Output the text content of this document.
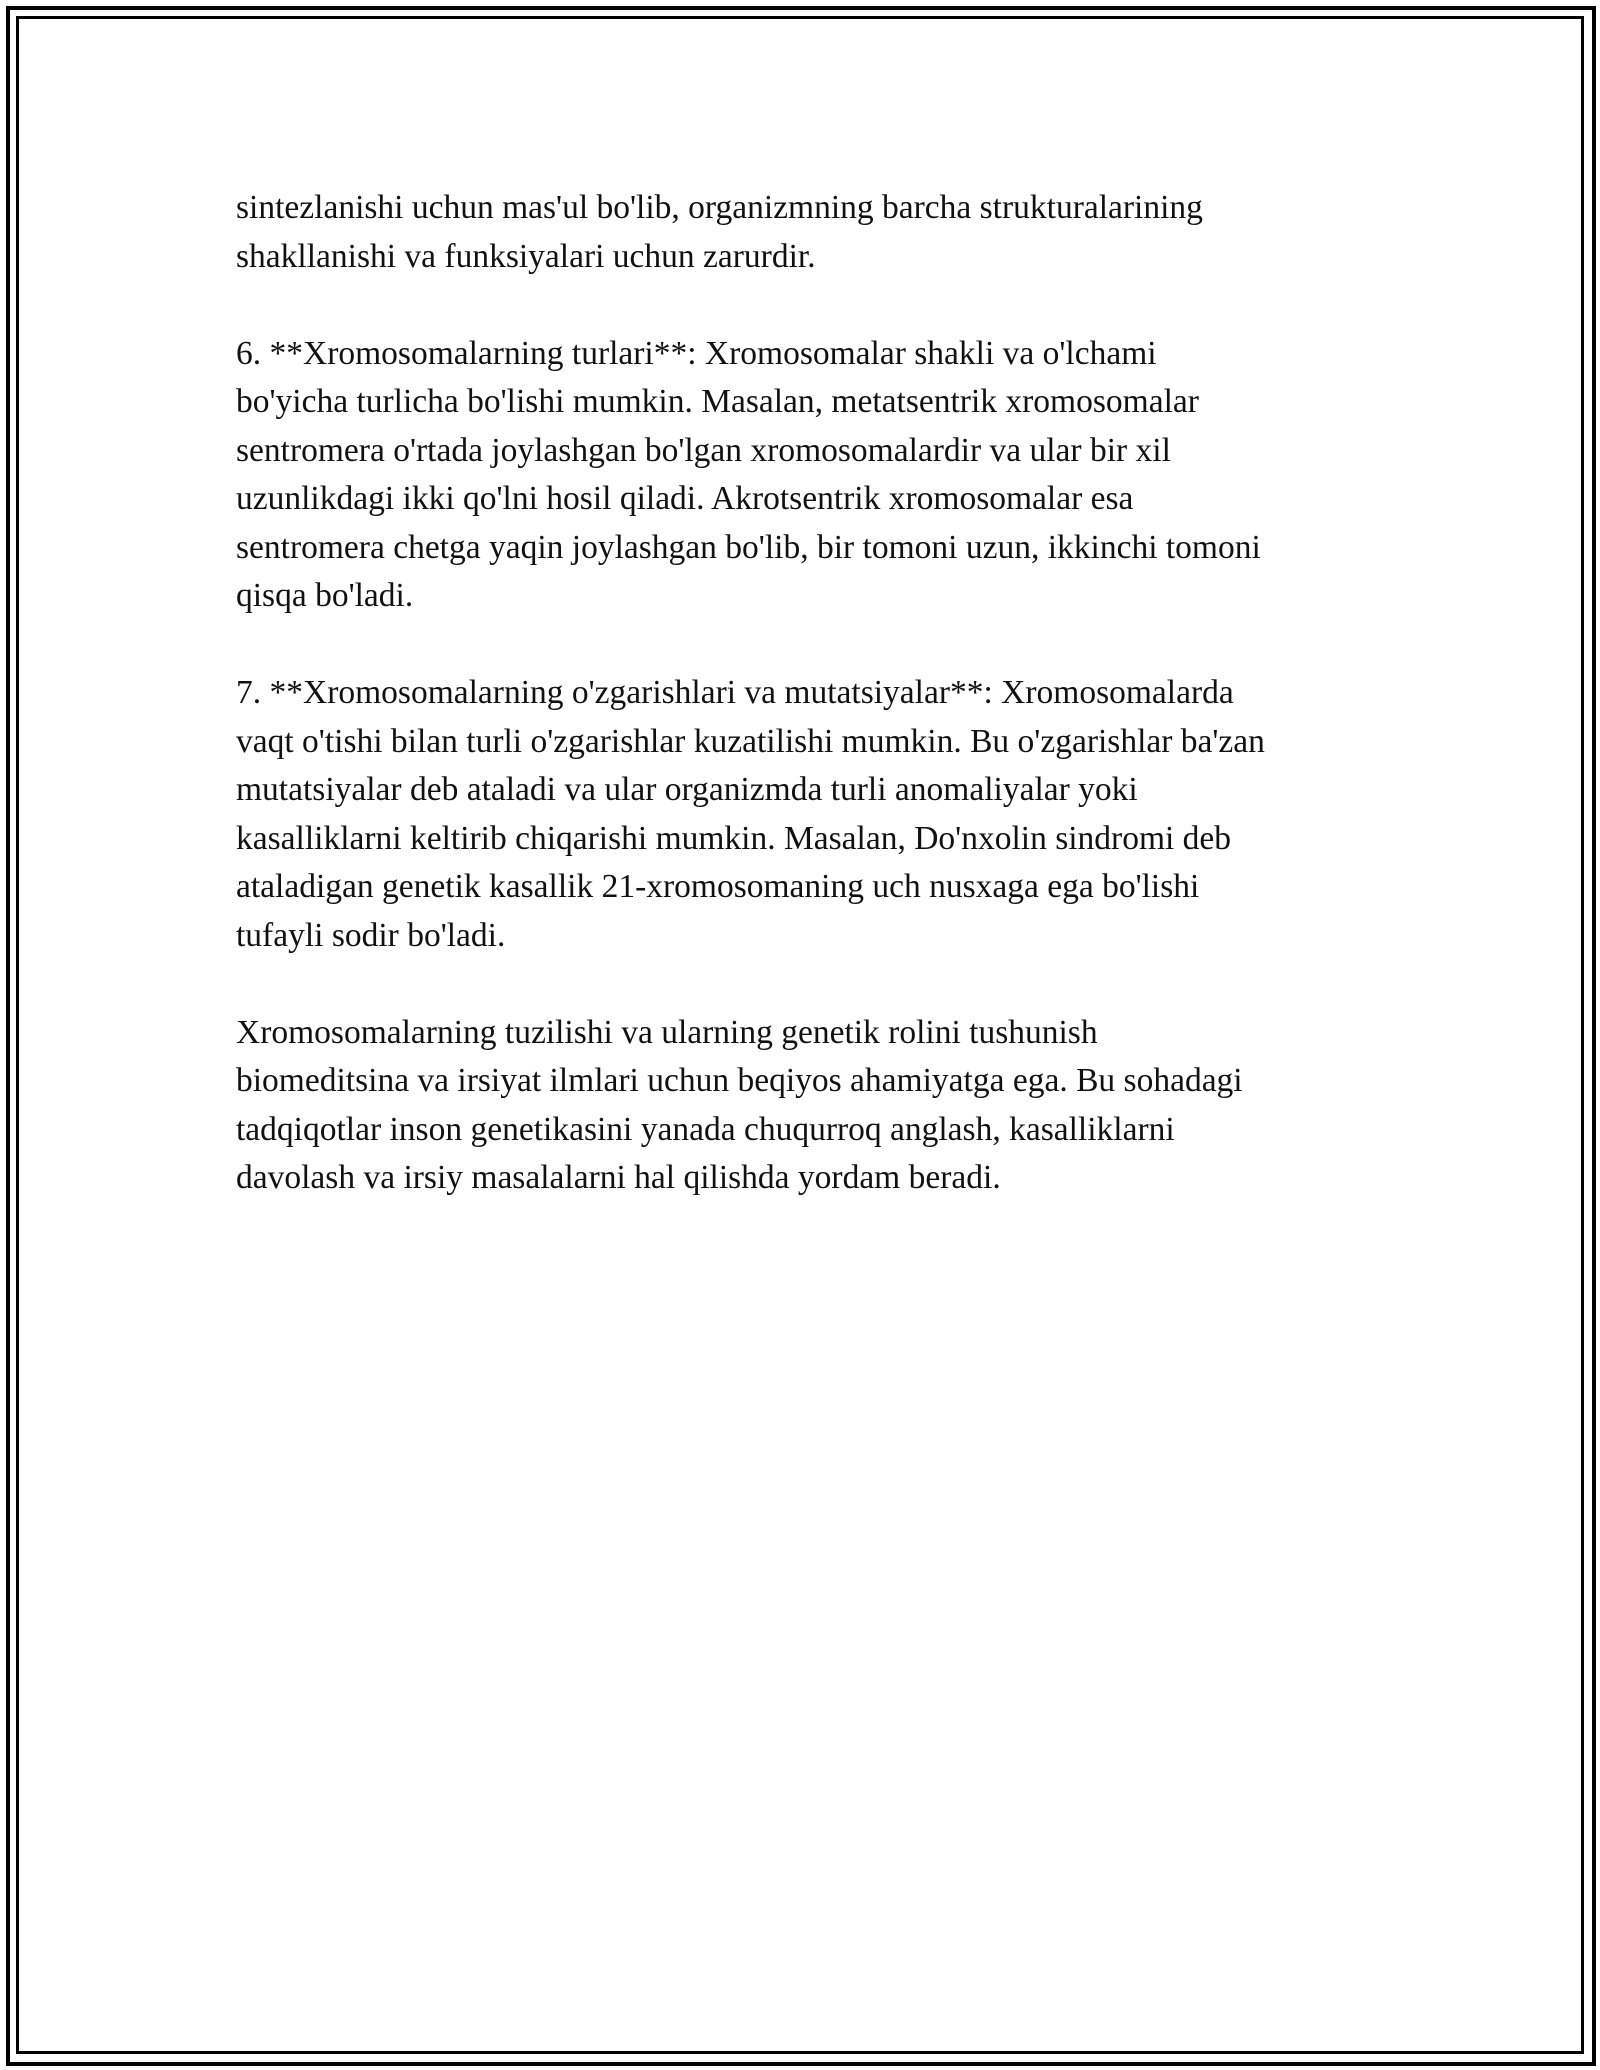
sintezlanishi uchun mas'ul bo'lib, organizmning barcha strukturalarining
shakllanishi va funksiyalari uchun zarurdir.

6. **Xromosomalarning turlari**: Xromosomalar shakli va o'lchami
bo'yicha turlicha bo'lishi mumkin. Masalan, metatsentrik xromosomalar
sentromera o'rtada joylashgan bo'lgan xromosomalardir va ular bir xil
uzunlikdagi ikki qo'lni hosil qiladi. Akrotsentrik xromosomalar esa
sentromera chetga yaqin joylashgan bo'lib, bir tomoni uzun, ikkinchi tomoni
qisqa bo'ladi.

7. **Xromosomalarning o'zgarishlari va mutatsiyalar**: Xromosomalarda
vaqt o'tishi bilan turli o'zgarishlar kuzatilishi mumkin. Bu o'zgarishlar ba'zan
mutatsiyalar deb ataladi va ular organizmda turli anomaliyalar yoki
kasalliklarni keltirib chiqarishi mumkin. Masalan, Do'nxolin sindromi deb
ataladigan genetik kasallik 21-xromosomaning uch nusxaga ega bo'lishi
tufayli sodir bo'ladi.

Xromosomalarning tuzilishi va ularning genetik rolini tushunish
biomeditsina va irsiyat ilmlari uchun beqiyos ahamiyatga ega. Bu sohadagi
tadqiqotlar inson genetikasini yanada chuqurroq anglash, kasalliklarni
davolash va irsiy masalalarni hal qilishda yordam beradi.
